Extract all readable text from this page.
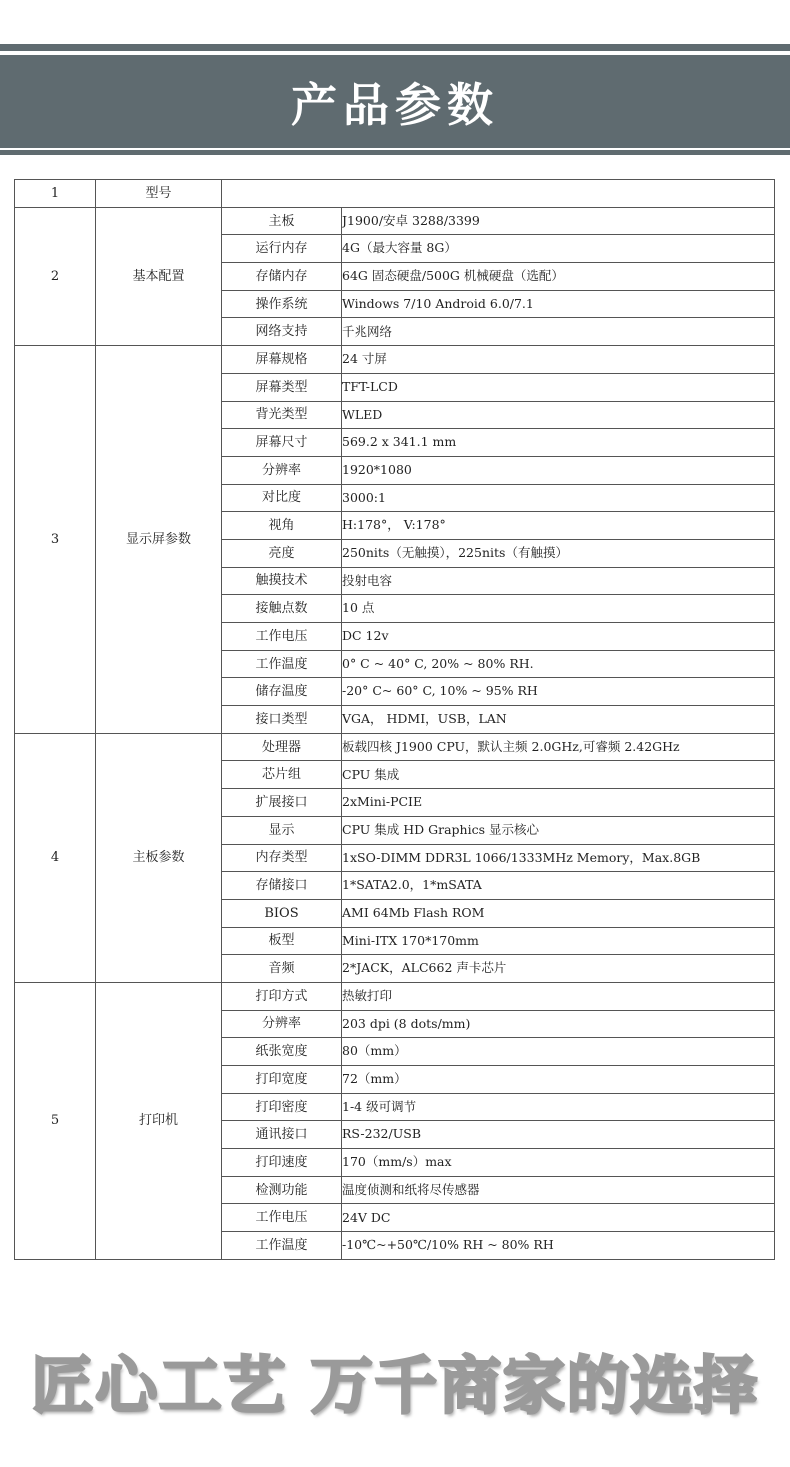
产品参数
1	型号		
2	基本配置	主板	J1900/安卓 3288/3399
		运行内存	4G（最大容量 8G）
		存储内存	64G 固态硬盘/500G 机械硬盘（选配）
		操作系统	Windows 7/10 Android 6.0/7.1
		网络支持	千兆网络
3	显示屏参数	屏幕规格	24 寸屏
		屏幕类型	TFT-LCD
		背光类型	WLED
		屏幕尺寸	569.2 x 341.1 mm
		分辨率	1920*1080
		对比度	3000:1
		视角	H:178°， V:178°
		亮度	250nits（无触摸），225nits（有触摸）
		触摸技术	投射电容
		接触点数	10 点
		工作电压	DC 12v
		工作温度	0° C ~ 40° C, 20% ~ 80% RH.
		储存温度	-20° C~ 60° C, 10% ~ 95% RH
		接口类型	VGA， HDMI，USB，LAN
4	主板参数	处理器	板载四核 J1900 CPU，默认主频 2.0GHz,可睿频 2.42GHz
		芯片组	CPU 集成
		扩展接口	2xMini-PCIE
		显示	CPU 集成 HD Graphics 显示核心
		内存类型	1xSO-DIMM DDR3L 1066/1333MHz Memory，Max.8GB
		存储接口	1*SATA2.0，1*mSATA
		BIOS	AMI 64Mb Flash ROM
		板型	Mini-ITX 170*170mm
		音频	2*JACK，ALC662 声卡芯片
5	打印机	打印方式	热敏打印
		分辨率	203 dpi (8 dots/mm)
		纸张宽度	80（mm）
		打印宽度	72（mm）
		打印密度	1-4 级可调节
		通讯接口	RS-232/USB
		打印速度	170（mm/s）max
		检测功能	温度侦测和纸将尽传感器
		工作电压	24V DC
		工作温度	-10℃~+50℃/10% RH ~ 80% RH
匠心工艺 万千商家的选择
